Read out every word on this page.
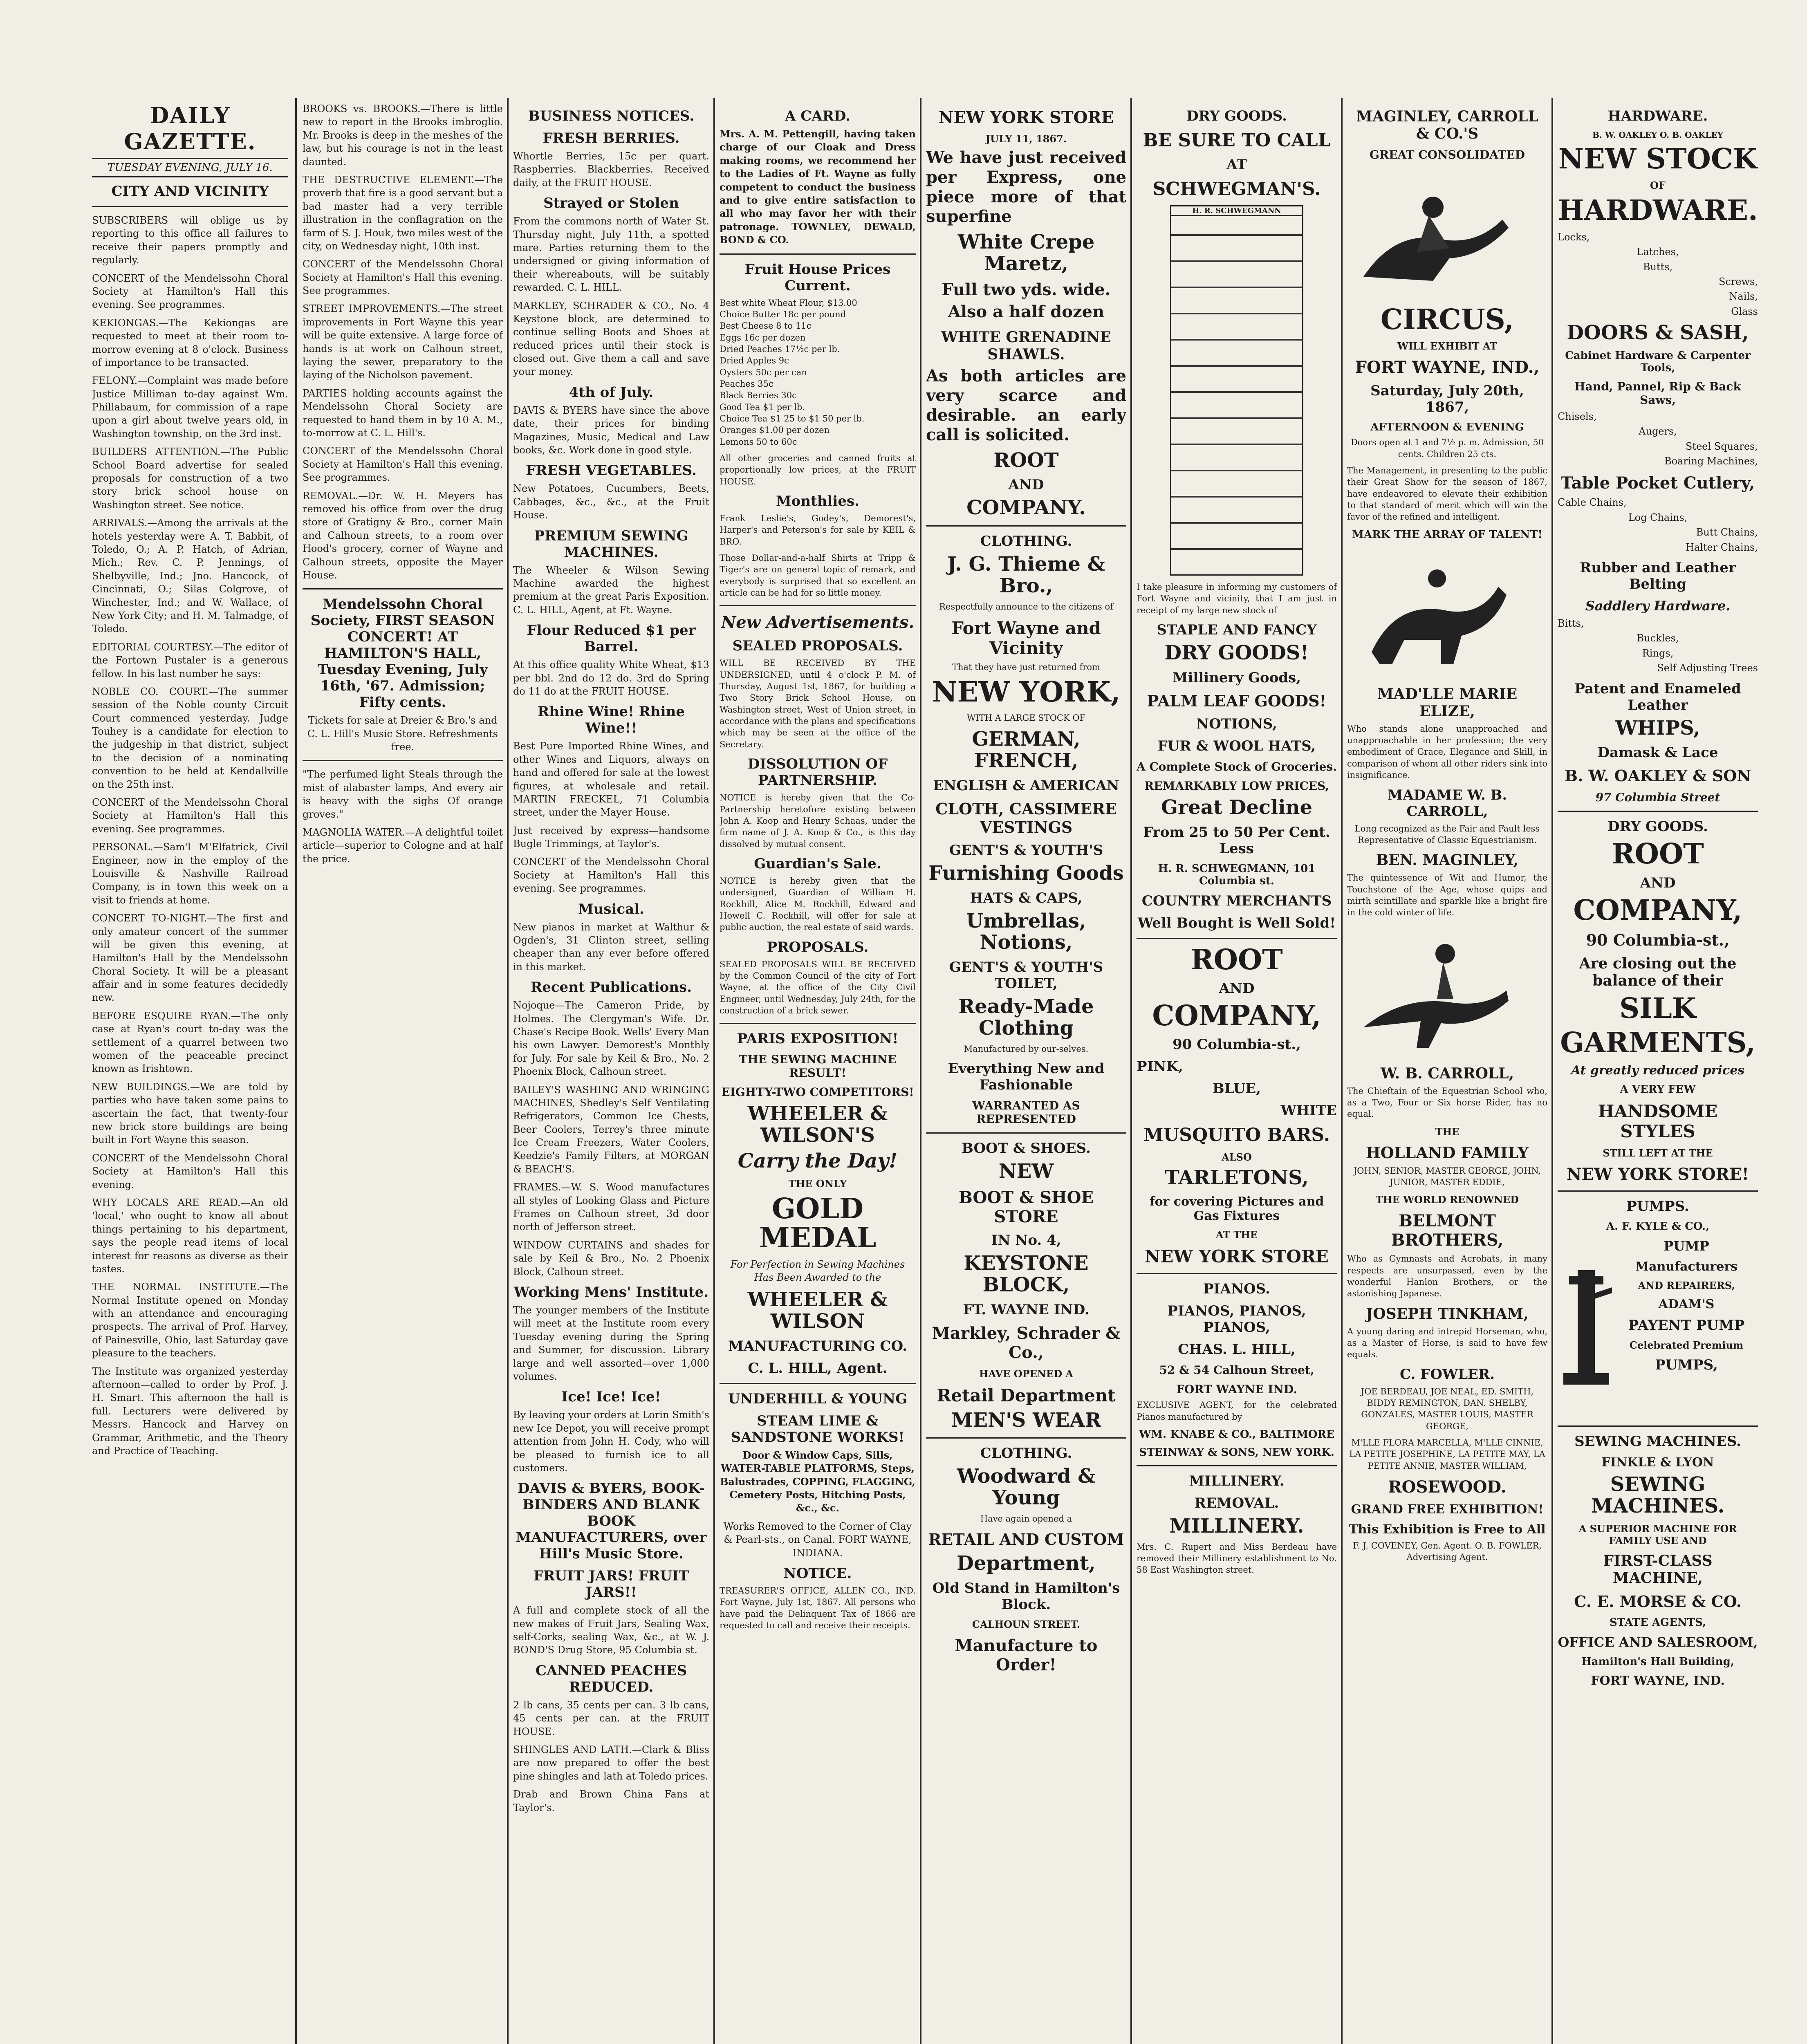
DAILY GAZETTE.
TUESDAY EVENING, JULY 16.
CITY AND VICINITY

SUBSCRIBERS will oblige us by reporting to this office all failures to receive their papers promptly and regularly.

CONCERT of the Mendelssohn Choral Society at Hamilton's Hall this evening. See programmes.

KEKIONGAS.—The Kekiongas are requested to meet at their room to-morrow evening at 8 o'clock. Business of importance to be transacted.

FELONY.—Complaint was made before Justice Milliman to-day against Wm. Phillabaum, for commission of a rape upon a girl about twelve years old, in Washington township, on the 3rd inst.

BUILDERS ATTENTION.—The Public School Board advertise for sealed proposals for construction of a two story brick school house on Washington street. See notice.

ARRIVALS.—Among the arrivals at the hotels yesterday were A. T. Babbit, of Toledo, O.; A. P. Hatch, of Adrian, Mich.; Rev. C. P. Jennings, of Shelbyville, Ind.; Jno. Hancock, of Cincinnati, O.; Silas Colgrove, of Winchester, Ind.; and W. Wallace, of New York City; and H. M. Talmadge, of Toledo.

EDITORIAL COURTESY.—The editor of the Fortown Pustaler is a generous fellow. In his last number he says:

NOBLE CO. COURT.—The summer session of the Noble county Circuit Court commenced yesterday. Judge Touhey is a candidate for election to the judgeship in that district, subject to the decision of a nominating convention to be held at Kendallville on the 25th inst.

CONCERT of the Mendelssohn Choral Society at Hamilton's Hall this evening. See programmes.

PERSONAL.—Sam'l M'Elfatrick, Civil Engineer, now in the employ of the Louisville & Nashville Railroad Company, is in town this week on a visit to friends at home.

CONCERT TO-NIGHT.—The first and only amateur concert of the summer will be given this evening, at Hamilton's Hall by the Mendelssohn Choral Society. It will be a pleasant affair and in some features decidedly new.

BEFORE ESQUIRE RYAN.—The only case at Ryan's court to-day was the settlement of a quarrel between two women of the peaceable precinct known as Irishtown.

NEW BUILDINGS.—We are told by parties who have taken some pains to ascertain the fact, that twenty-four new brick store buildings are being built in Fort Wayne this season.

CONCERT of the Mendelssohn Choral Society at Hamilton's Hall this evening.

WHY LOCALS ARE READ.—An old 'local,' who ought to know all about things pertaining to his department, says the people read items of local interest for reasons as diverse as their tastes.

THE NORMAL INSTITUTE.—The Normal Institute opened on Monday with an attendance and encouraging prospects. The arrival of Prof. Harvey, of Painesville, Ohio, last Saturday gave pleasure to the teachers.

The Institute was organized yesterday afternoon—called to order by Prof. J. H. Smart. This afternoon the hall is full. Lecturers were delivered by Messrs. Hancock and Harvey on Grammar, Arithmetic, and the Theory and Practice of Teaching.

BROOKS vs. BROOKS.—There is little new to report in the Brooks imbroglio. Mr. Brooks is deep in the meshes of the law, but his courage is not in the least daunted.

THE DESTRUCTIVE ELEMENT.—The proverb that fire is a good servant but a bad master had a very terrible illustration in the conflagration on the farm of S. J. Houk, two miles west of the city, on Wednesday night, 10th inst.

CONCERT of the Mendelssohn Choral Society at Hamilton's Hall this evening. See programmes.

STREET IMPROVEMENTS.—The street improvements in Fort Wayne this year will be quite extensive. A large force of hands is at work on Calhoun street, laying the sewer, preparatory to the laying of the Nicholson pavement.

PARTIES holding accounts against the Mendelssohn Choral Society are requested to hand them in by 10 A. M., to-morrow at C. L. Hill's.

CONCERT of the Mendelssohn Choral Society at Hamilton's Hall this evening. See programmes.

REMOVAL.—Dr. W. H. Meyers has removed his office from over the drug store of Gratigny & Bro., corner Main and Calhoun streets, to a room over Hood's grocery, corner of Wayne and Calhoun streets, opposite the Mayer House.

Mendelssohn Choral Society, FIRST SEASON CONCERT! AT HAMILTON'S HALL, Tuesday Evening, July 16th, '67. Admission; Fifty cents.

Tickets for sale at Dreier & Bro.'s and C. L. Hill's Music Store. Refreshments free.

"The perfumed light Steals through the mist of alabaster lamps, And every air is heavy with the sighs Of orange groves."

MAGNOLIA WATER.—A delightful toilet article—superior to Cologne and at half the price.

BUSINESS NOTICES.
FRESH BERRIES.

Whortle Berries, 15c per quart. Raspberries. Blackberries. Received daily, at the FRUIT HOUSE.

Strayed or Stolen

From the commons north of Water St. Thursday night, July 11th, a spotted mare. Parties returning them to the undersigned or giving information of their whereabouts, will be suitably rewarded. C. L. HILL.

MARKLEY, SCHRADER & CO., No. 4 Keystone block, are determined to continue selling Boots and Shoes at reduced prices until their stock is closed out. Give them a call and save your money.

4th of July.

DAVIS & BYERS have since the above date, their prices for binding Magazines, Music, Medical and Law books, &c. Work done in good style.

FRESH VEGETABLES.

New Potatoes, Cucumbers, Beets, Cabbages, &c., &c., at the Fruit House.

PREMIUM SEWING MACHINES.

The Wheeler & Wilson Sewing Machine awarded the highest premium at the great Paris Exposition. C. L. HILL, Agent, at Ft. Wayne.

Flour Reduced $1 per Barrel.

At this office quality White Wheat, $13 per bbl. 2nd do 12 do. 3rd do Spring do 11 do at the FRUIT HOUSE.

Rhine Wine! Rhine Wine!!

Best Pure Imported Rhine Wines, and other Wines and Liquors, always on hand and offered for sale at the lowest figures, at wholesale and retail. MARTIN FRECKEL, 71 Columbia street, under the Mayer House.

Just received by express—handsome Bugle Trimmings, at Taylor's.

CONCERT of the Mendelssohn Choral Society at Hamilton's Hall this evening. See programmes.

Musical.

New pianos in market at Walthur & Ogden's, 31 Clinton street, selling cheaper than any ever before offered in this market.

Recent Publications.

Nojoque—The Cameron Pride, by Holmes. The Clergyman's Wife. Dr. Chase's Recipe Book. Wells' Every Man his own Lawyer. Demorest's Monthly for July. For sale by Keil & Bro., No. 2 Phoenix Block, Calhoun street.

BAILEY'S WASHING AND WRINGING MACHINES, Shedley's Self Ventilating Refrigerators, Common Ice Chests, Beer Coolers, Terrey's three minute Ice Cream Freezers, Water Coolers, Keedzie's Family Filters, at MORGAN & BEACH'S.

FRAMES.—W. S. Wood manufactures all styles of Looking Glass and Picture Frames on Calhoun street, 3d door north of Jefferson street.

WINDOW CURTAINS and shades for sale by Keil & Bro., No. 2 Phoenix Block, Calhoun street.

Working Mens' Institute.

The younger members of the Institute will meet at the Institute room every Tuesday evening during the Spring and Summer, for discussion. Library large and well assorted—over 1,000 volumes.

Ice! Ice! Ice!

By leaving your orders at Lorin Smith's new Ice Depot, you will receive prompt attention from John H. Cody, who will be pleased to furnish ice to all customers.

DAVIS & BYERS, BOOK-BINDERS AND BLANK BOOK MANUFACTURERS, over Hill's Music Store.
FRUIT JARS! FRUIT JARS!!

A full and complete stock of all the new makes of Fruit Jars, Sealing Wax, self-Corks, sealing Wax, &c., at W. J. BOND'S Drug Store, 95 Columbia st.

CANNED PEACHES REDUCED.

2 lb cans, 35 cents per can. 3 lb cans, 45 cents per can. at the FRUIT HOUSE.

SHINGLES AND LATH.—Clark & Bliss are now prepared to offer the best pine shingles and lath at Toledo prices.

Drab and Brown China Fans at Taylor's.

A CARD.

Mrs. A. M. Pettengill, having taken charge of our Cloak and Dress making rooms, we recommend her to the Ladies of Ft. Wayne as fully competent to conduct the business and to give entire satisfaction to all who may favor her with their patronage. TOWNLEY, DEWALD, BOND & CO.

Fruit House Prices Current.

Best white Wheat Flour, $13.00

Choice Butter 18c per pound

Best Cheese 8 to 11c

Eggs 16c per dozen

Dried Peaches 17½c per lb.

Dried Apples 9c

Oysters 50c per can

Peaches 35c

Black Berries 30c

Good Tea $1 per lb.

Choice Tea $1 25 to $1 50 per lb.

Oranges $1.00 per dozen

Lemons 50 to 60c

All other groceries and canned fruits at proportionally low prices, at the FRUIT HOUSE.

Monthlies.

Frank Leslie's, Godey's, Demorest's, Harper's and Peterson's for sale by KEIL & BRO.

Those Dollar-and-a-half Shirts at Tripp & Tiger's are on general topic of remark, and everybody is surprised that so excellent an article can be had for so little money.

New Advertisements.
SEALED PROPOSALS.

WILL BE RECEIVED BY THE UNDERSIGNED, until 4 o'clock P. M. of Thursday, August 1st, 1867, for building a Two Story Brick School House, on Washington street, West of Union street, in accordance with the plans and specifications which may be seen at the office of the Secretary.

DISSOLUTION OF PARTNERSHIP.

NOTICE is hereby given that the Co-Partnership heretofore existing between John A. Koop and Henry Schaas, under the firm name of J. A. Koop & Co., is this day dissolved by mutual consent.

Guardian's Sale.

NOTICE is hereby given that the undersigned, Guardian of William H. Rockhill, Alice M. Rockhill, Edward and Howell C. Rockhill, will offer for sale at public auction, the real estate of said wards.

PROPOSALS.

SEALED PROPOSALS WILL BE RECEIVED by the Common Council of the city of Fort Wayne, at the office of the City Civil Engineer, until Wednesday, July 24th, for the construction of a brick sewer.

PARIS EXPOSITION!
THE SEWING MACHINE RESULT!
EIGHTY-TWO COMPETITORS!
WHEELER & WILSON'S
Carry the Day!
THE ONLY
GOLD MEDAL

For Perfection in Sewing Machines Has Been Awarded to the

WHEELER & WILSON
MANUFACTURING CO.
C. L. HILL, Agent.
UNDERHILL & YOUNG
STEAM LIME & SANDSTONE WORKS!

Door & Window Caps, Sills, WATER-TABLE PLATFORMS, Steps, Balustrades, COPPING, FLAGGING, Cemetery Posts, Hitching Posts, &c., &c.

Works Removed to the Corner of Clay & Pearl-sts., on Canal. FORT WAYNE, INDIANA.

NOTICE.

TREASURER'S OFFICE, ALLEN CO., IND. Fort Wayne, July 1st, 1867. All persons who have paid the Delinquent Tax of 1866 are requested to call and receive their receipts.

NEW YORK STORE
JULY 11, 1867.

We have just received per Express, one piece more of that superfine

White Crepe Maretz,

Full two yds. wide. Also a half dozen

WHITE GRENADINE SHAWLS.

As both articles are very scarce and desirable. an early call is solicited.

ROOT
AND
COMPANY.
CLOTHING.
J. G. Thieme & Bro.,

Respectfully announce to the citizens of

Fort Wayne and Vicinity

That they have just returned from

NEW YORK,

WITH A LARGE STOCK OF

GERMAN, FRENCH,
ENGLISH & AMERICAN
CLOTH, CASSIMERE VESTINGS
GENT'S & YOUTH'S
Furnishing Goods
HATS & CAPS,
Umbrellas, Notions,
GENT'S & YOUTH'S TOILET,
Ready-Made Clothing

Manufactured by our-selves.

Everything New and Fashionable
WARRANTED AS REPRESENTED
BOOT & SHOES.
NEW
BOOT & SHOE STORE
IN No. 4,
KEYSTONE BLOCK,
FT. WAYNE IND.
Markley, Schrader & Co.,
HAVE OPENED A
Retail Department
MEN'S WEAR
CLOTHING.
Woodward & Young

Have again opened a

RETAIL AND CUSTOM
Department,
Old Stand in Hamilton's Block.
CALHOUN STREET.
Manufacture to Order!
DRY GOODS.
BE SURE TO CALL
AT
SCHWEGMAN'S.
H. R. SCHWEGMANN

I take pleasure in informing my customers of Fort Wayne and vicinity, that I am just in receipt of my large new stock of

STAPLE AND FANCY
DRY GOODS!
Millinery Goods,
PALM LEAF GOODS!
NOTIONS,
FUR & WOOL HATS,
A Complete Stock of Groceries.
REMARKABLY LOW PRICES,
Great Decline
From 25 to 50 Per Cent. Less
H. R. SCHWEGMANN, 101 Columbia st.
COUNTRY MERCHANTS
Well Bought is Well Sold!
ROOT
AND
COMPANY,
90 Columbia-st.,
PINK,
BLUE,
WHITE
MUSQUITO BARS.
ALSO
TARLETONS,
for covering Pictures and Gas Fixtures
AT THE
NEW YORK STORE
PIANOS.
PIANOS, PIANOS, PIANOS,
CHAS. L. HILL,
52 & 54 Calhoun Street,
FORT WAYNE IND.

EXCLUSIVE AGENT, for the celebrated Pianos manufactured by

WM. KNABE & CO., BALTIMORE
STEINWAY & SONS, NEW YORK.
MILLINERY.
REMOVAL.
MILLINERY.

Mrs. C. Rupert and Miss Berdeau have removed their Millinery establishment to No. 58 East Washington street.

MAGINLEY, CARROLL & CO.'S
GREAT CONSOLIDATED
CIRCUS,
WILL EXHIBIT AT
FORT WAYNE, IND.,
Saturday, July 20th, 1867,
AFTERNOON & EVENING

Doors open at 1 and 7½ p. m. Admission, 50 cents. Children 25 cts.

The Management, in presenting to the public their Great Show for the season of 1867, have endeavored to elevate their exhibition to that standard of merit which will win the favor of the refined and intelligent.

MARK THE ARRAY OF TALENT!
MAD'LLE MARIE ELIZE,

Who stands alone unapproached and unapproachable in her profession; the very embodiment of Grace, Elegance and Skill, in comparison of whom all other riders sink into insignificance.

MADAME W. B. CARROLL,

Long recognized as the Fair and Fault less Representative of Classic Equestrianism.

BEN. MAGINLEY,

The quintessence of Wit and Humor, the Touchstone of the Age, whose quips and mirth scintillate and sparkle like a bright fire in the cold winter of life.

W. B. CARROLL,

The Chieftain of the Equestrian School who, as a Two, Four or Six horse Rider, has no equal.

THE
HOLLAND FAMILY

JOHN, SENIOR, MASTER GEORGE, JOHN, JUNIOR, MASTER EDDIE,

THE WORLD RENOWNED
BELMONT BROTHERS,

Who as Gymnasts and Acrobats, in many respects are unsurpassed, even by the wonderful Hanlon Brothers, or the astonishing Japanese.

JOSEPH TINKHAM,

A young daring and intrepid Horseman, who, as a Master of Horse, is said to have few equals.

C. FOWLER.

JOE BERDEAU, JOE NEAL, ED. SMITH, BIDDY REMINGTON, DAN. SHELBY, GONZALES, MASTER LOUIS, MASTER GEORGE,

M'LLE FLORA MARCELLA, M'LLE CINNIE, LA PETITE JOSEPHINE, LA PETITE MAY, LA PETITE ANNIE, MASTER WILLIAM,

ROSEWOOD.
GRAND FREE EXHIBITION!
This Exhibition is Free to All

F. J. COVENEY, Gen. Agent. O. B. FOWLER, Advertising Agent.

HARDWARE.
B. W. OAKLEY O. B. OAKLEY
NEW STOCK
OF
HARDWARE.

Locks,

Latches,

Butts,

Screws,

Nails,

Glass

DOORS & SASH,
Cabinet Hardware & Carpenter Tools,
Hand, Pannel, Rip & Back Saws,

Chisels,

Augers,

Steel Squares,

Boaring Machines,

Table Pocket Cutlery,

Cable Chains,

Log Chains,

Butt Chains,

Halter Chains,

Rubber and Leather Belting
Saddlery Hardware.

Bitts,

Buckles,

Rings,

Self Adjusting Trees

Patent and Enameled Leather
WHIPS,
Damask & Lace
B. W. OAKLEY & SON
97 Columbia Street
DRY GOODS.
ROOT
AND
COMPANY,
90 Columbia-st.,
Are closing out the balance of their
SILK
GARMENTS,
At greatly reduced prices
A VERY FEW
HANDSOME STYLES
STILL LEFT AT THE
NEW YORK STORE!
PUMPS.
A. F. KYLE & CO.,
PUMP
Manufacturers
AND REPAIRERS,
ADAM'S
PAYENT PUMP
Celebrated Premium
PUMPS,
SEWING MACHINES.
FINKLE & LYON
SEWING MACHINES.
A SUPERIOR MACHINE FOR FAMILY USE AND
FIRST-CLASS MACHINE,
C. E. MORSE & CO.
STATE AGENTS,
OFFICE AND SALESROOM,
Hamilton's Hall Building,
FORT WAYNE, IND.
